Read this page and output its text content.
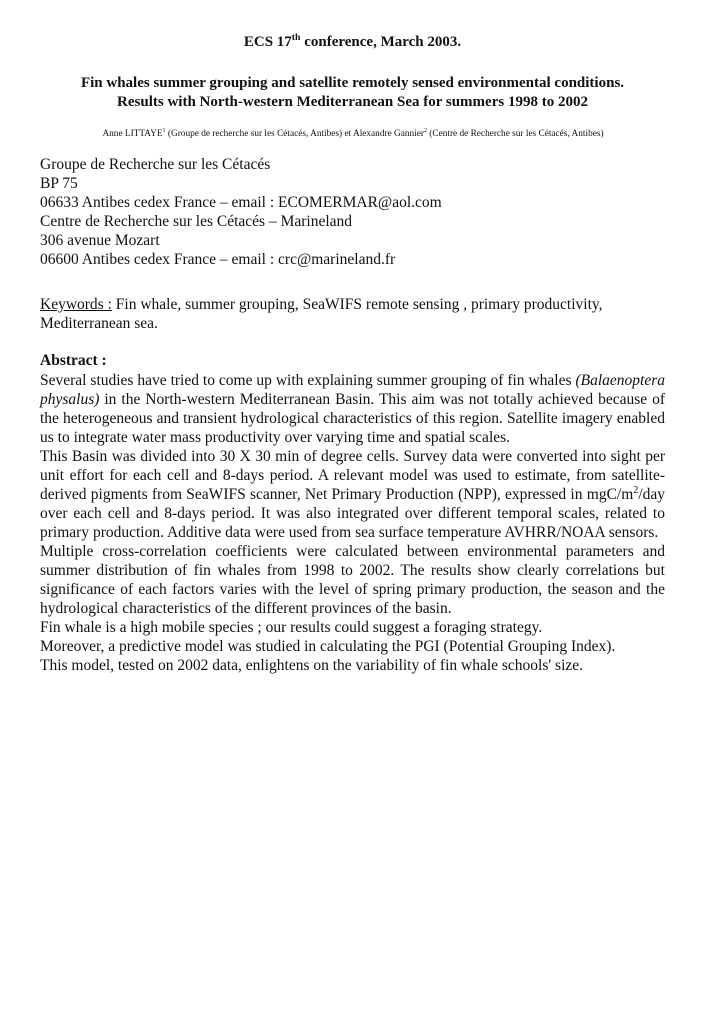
ECS 17th conference, March 2003.
Fin whales summer grouping and satellite remotely sensed environmental conditions.
Results with North-western Mediterranean Sea for summers 1998 to 2002
Anne LITTAYE$^1$ (Groupe de recherche sur les Cétacés, Antibes) et Alexandre Gannier$^2$ (Centre de Recherche sur les Cétacés, Antibes)
Groupe de Recherche sur les Cétacés
BP 75
06633 Antibes cedex France – email : ECOMERMAR@aol.com
Centre de Recherche sur les Cétacés – Marineland
306 avenue Mozart
06600 Antibes cedex France – email : crc@marineland.fr
Keywords : Fin whale, summer grouping, SeaWIFS remote sensing , primary productivity, Mediterranean sea.
Abstract :

Several studies have tried to come up with explaining summer grouping of fin whales (Balaenoptera physalus) in the North-western Mediterranean Basin. This aim was not totally achieved because of the heterogeneous and transient hydrological characteristics of this region. Satellite imagery enabled us to integrate water mass productivity over varying time and spatial scales.

This Basin was divided into 30 X 30 min of degree cells. Survey data were converted into sight per unit effort for each cell and 8-days period. A relevant model was used to estimate, from satellite-derived pigments from SeaWIFS scanner, Net Primary Production (NPP), expressed in mgC/$m^2$/day over each cell and 8-days period. It was also integrated over different temporal scales, related to primary production. Additive data were used from sea surface temperature AVHRR/NOAA sensors.

Multiple cross-correlation coefficients were calculated between environmental parameters and summer distribution of fin whales from 1998 to 2002. The results show clearly correlations but significance of each factors varies with the level of spring primary production, the season and the hydrological characteristics of the different provinces of the basin.

Fin whale is a high mobile species ; our results could suggest a foraging strategy.

Moreover, a predictive model was studied in calculating the PGI (Potential Grouping Index).

This model, tested on 2002 data, enlightens on the variability of fin whale schools' size.
